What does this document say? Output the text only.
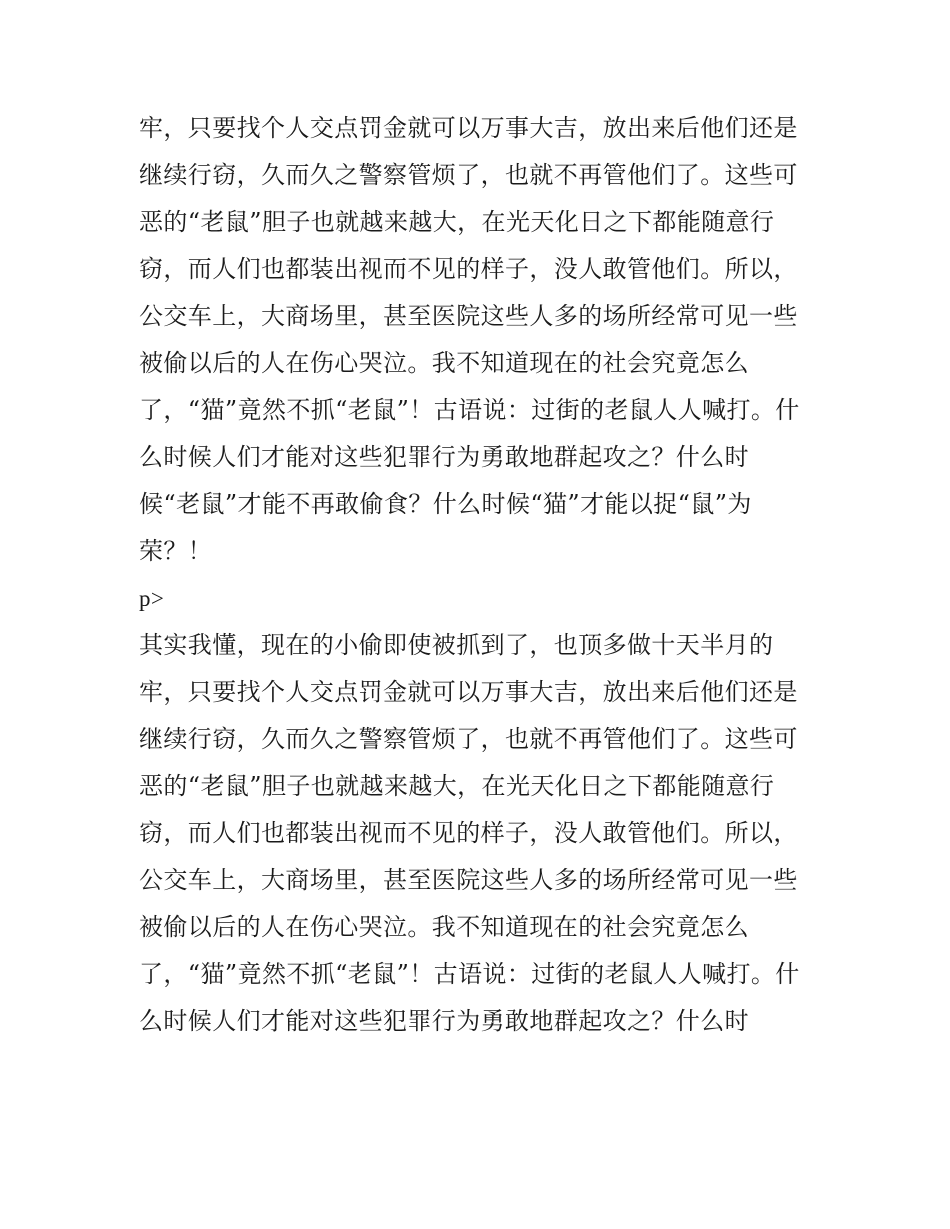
牢，只要找个人交点罚金就可以万事大吉，放出来后他们还是
继续行窃，久而久之警察管烦了，也就不再管他们了。这些可
恶的“老鼠”胆子也就越来越大，在光天化日之下都能随意行
窃，而人们也都装出视而不见的样子，没人敢管他们。所以，
公交车上，大商场里，甚至医院这些人多的场所经常可见一些
被偷以后的人在伤心哭泣。我不知道现在的社会究竟怎么
了，“猫”竟然不抓“老鼠”！古语说：过街的老鼠人人喊打。什
么时候人们才能对这些犯罪行为勇敢地群起攻之？什么时
候“老鼠”才能不再敢偷食？什么时候“猫”才能以捉“鼠”为
荣？！
p>
其实我懂，现在的小偷即使被抓到了，也顶多做十天半月的
牢，只要找个人交点罚金就可以万事大吉，放出来后他们还是
继续行窃，久而久之警察管烦了，也就不再管他们了。这些可
恶的“老鼠”胆子也就越来越大，在光天化日之下都能随意行
窃，而人们也都装出视而不见的样子，没人敢管他们。所以，
公交车上，大商场里，甚至医院这些人多的场所经常可见一些
被偷以后的人在伤心哭泣。我不知道现在的社会究竟怎么
了，“猫”竟然不抓“老鼠”！古语说：过街的老鼠人人喊打。什
么时候人们才能对这些犯罪行为勇敢地群起攻之？什么时
